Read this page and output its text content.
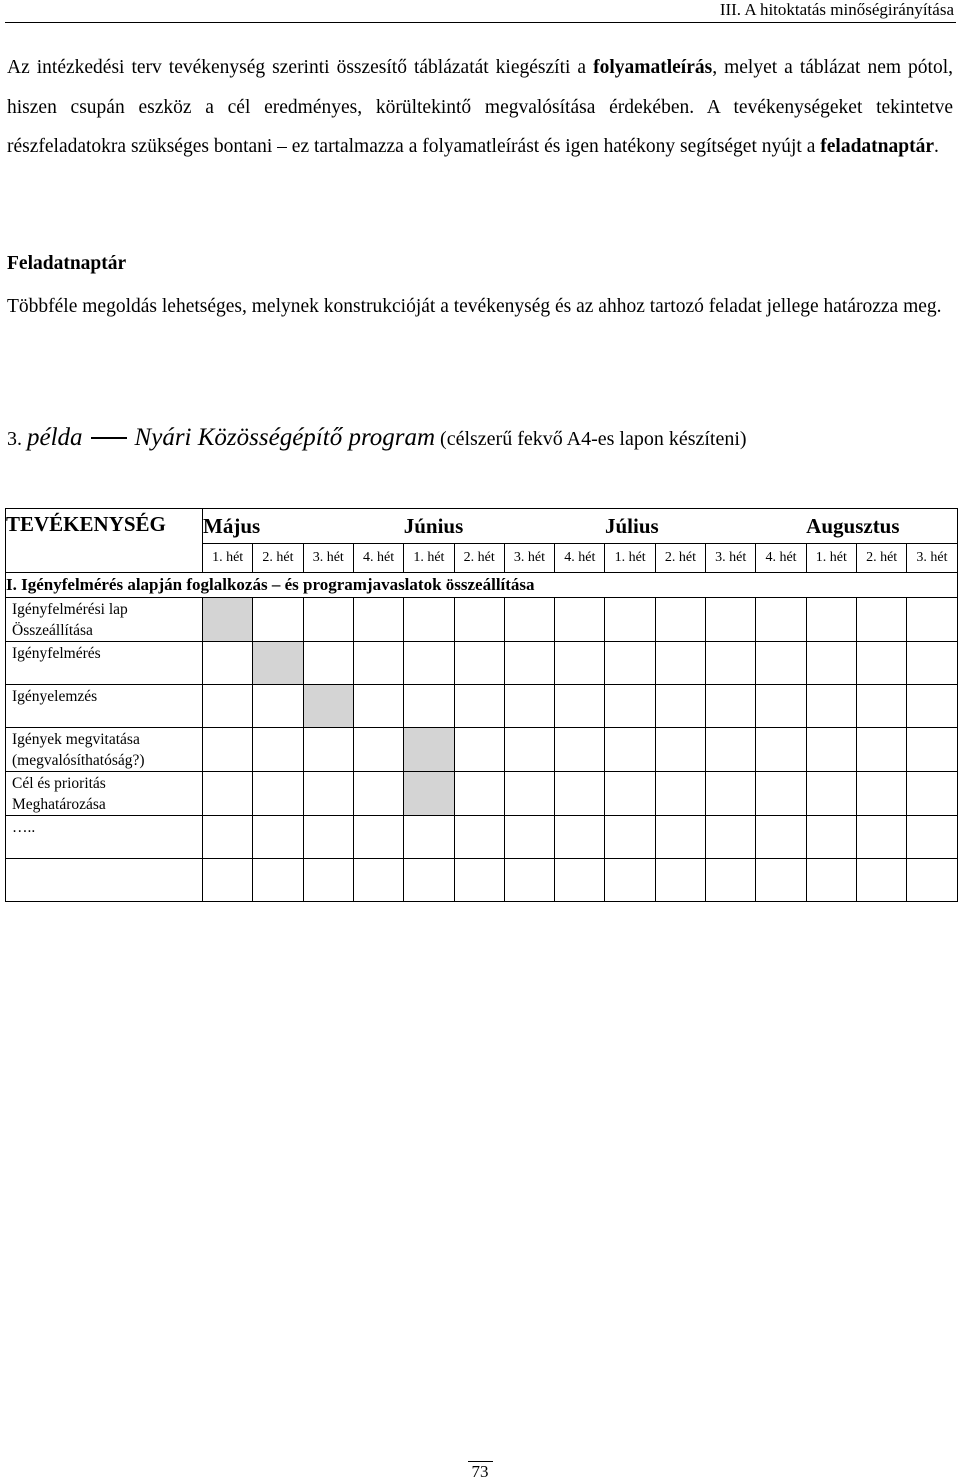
III. A hitoktatás minőségirányítása
Az intézkedési terv tevékenység szerinti összesítő táblázatát kiegészíti a folyamatleírás, melyet a táblázat nem pótol, hiszen csupán eszköz a cél eredményes, körültekintő megvalósítása érdekében. A tevékenységeket tekintetve részfeladatokra szükséges bontani – ez tartalmazza a folyamatleírást és igen hatékony segítséget nyújt a feladatnaptár.
Feladatnaptár
Többféle megoldás lehetséges, melynek konstrukcióját a tevékenység és az ahhoz tartozó feladat jellege határozza meg.
3. példa Nyári Közösségépítő program (célszerű fekvő A4-es lapon készíteni)
TEVÉKENYSÉG	Május				Június				Július				Augusztus		
	1. hét	2. hét	3. hét	4. hét	1. hét	2. hét	3. hét	4. hét	1. hét	2. hét	3. hét	4. hét	1. hét	2. hét	3. hét
I. Igényfelmérés alapján foglalkozás – és programjavaslatok összeállítása															
Igényfelmérési lap Összeállítása															
Igényfelmérés															
Igényelemzés															
Igények megvitatása (megvalósíthatóság?)															
Cél és prioritás Meghatározása															
…..															

73
